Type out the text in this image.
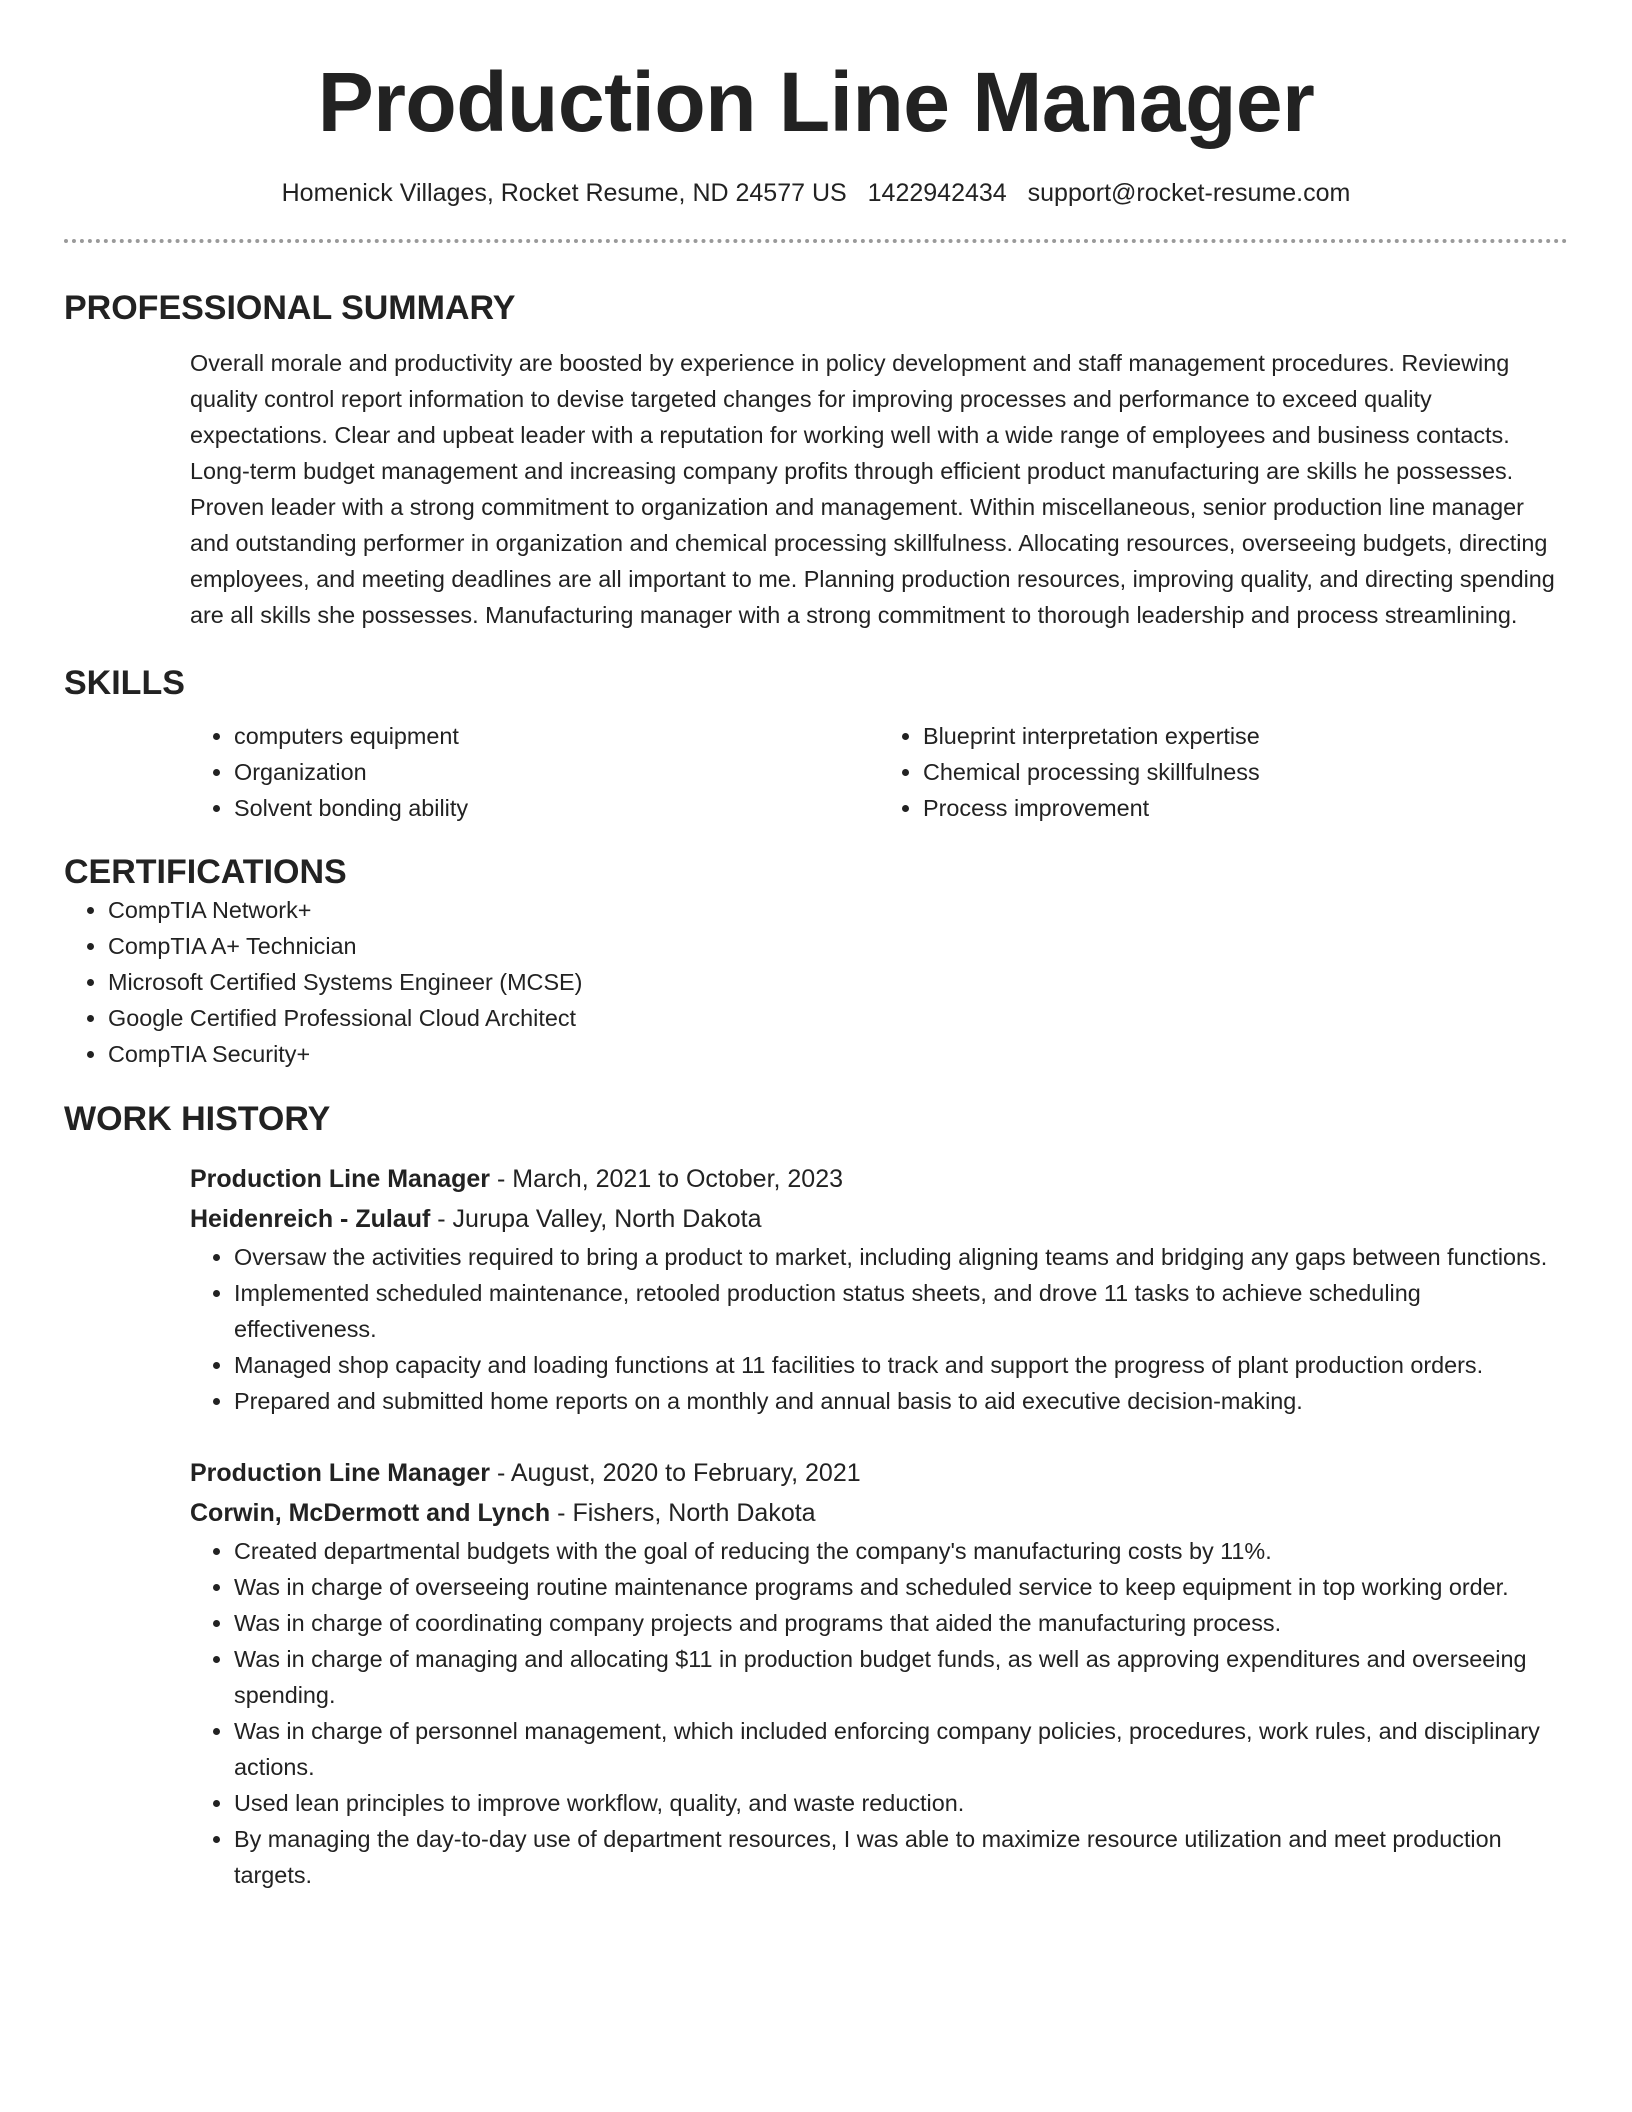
Production Line Manager
Homenick Villages, Rocket Resume, ND 24577 US 1422942434 support@rocket-resume.com
PROFESSIONAL SUMMARY
Overall morale and productivity are boosted by experience in policy development and staff management procedures. Reviewing quality control report information to devise targeted changes for improving processes and performance to exceed quality expectations. Clear and upbeat leader with a reputation for working well with a wide range of employees and business contacts. Long-term budget management and increasing company profits through efficient product manufacturing are skills he possesses. Proven leader with a strong commitment to organization and management. Within miscellaneous, senior production line manager and outstanding performer in organization and chemical processing skillfulness. Allocating resources, overseeing budgets, directing employees, and meeting deadlines are all important to me. Planning production resources, improving quality, and directing spending are all skills she possesses. Manufacturing manager with a strong commitment to thorough leadership and process streamlining.
SKILLS
• computers equipment
• Organization
• Solvent bonding ability
• Blueprint interpretation expertise
• Chemical processing skillfulness
• Process improvement
CERTIFICATIONS
• CompTIA Network+
• CompTIA A+ Technician
• Microsoft Certified Systems Engineer (MCSE)
• Google Certified Professional Cloud Architect
• CompTIA Security+
WORK HISTORY
Production Line Manager - March, 2021 to October, 2023
Heidenreich - Zulauf - Jurupa Valley, North Dakota
• Oversaw the activities required to bring a product to market, including aligning teams and bridging any gaps between functions.
• Implemented scheduled maintenance, retooled production status sheets, and drove 11 tasks to achieve scheduling effectiveness.
• Managed shop capacity and loading functions at 11 facilities to track and support the progress of plant production orders.
• Prepared and submitted home reports on a monthly and annual basis to aid executive decision-making.
Production Line Manager - August, 2020 to February, 2021
Corwin, McDermott and Lynch - Fishers, North Dakota
• Created departmental budgets with the goal of reducing the company's manufacturing costs by 11%.
• Was in charge of overseeing routine maintenance programs and scheduled service to keep equipment in top working order.
• Was in charge of coordinating company projects and programs that aided the manufacturing process.
• Was in charge of managing and allocating $11 in production budget funds, as well as approving expenditures and overseeing spending.
• Was in charge of personnel management, which included enforcing company policies, procedures, work rules, and disciplinary actions.
• Used lean principles to improve workflow, quality, and waste reduction.
• By managing the day-to-day use of department resources, I was able to maximize resource utilization and meet production targets.
